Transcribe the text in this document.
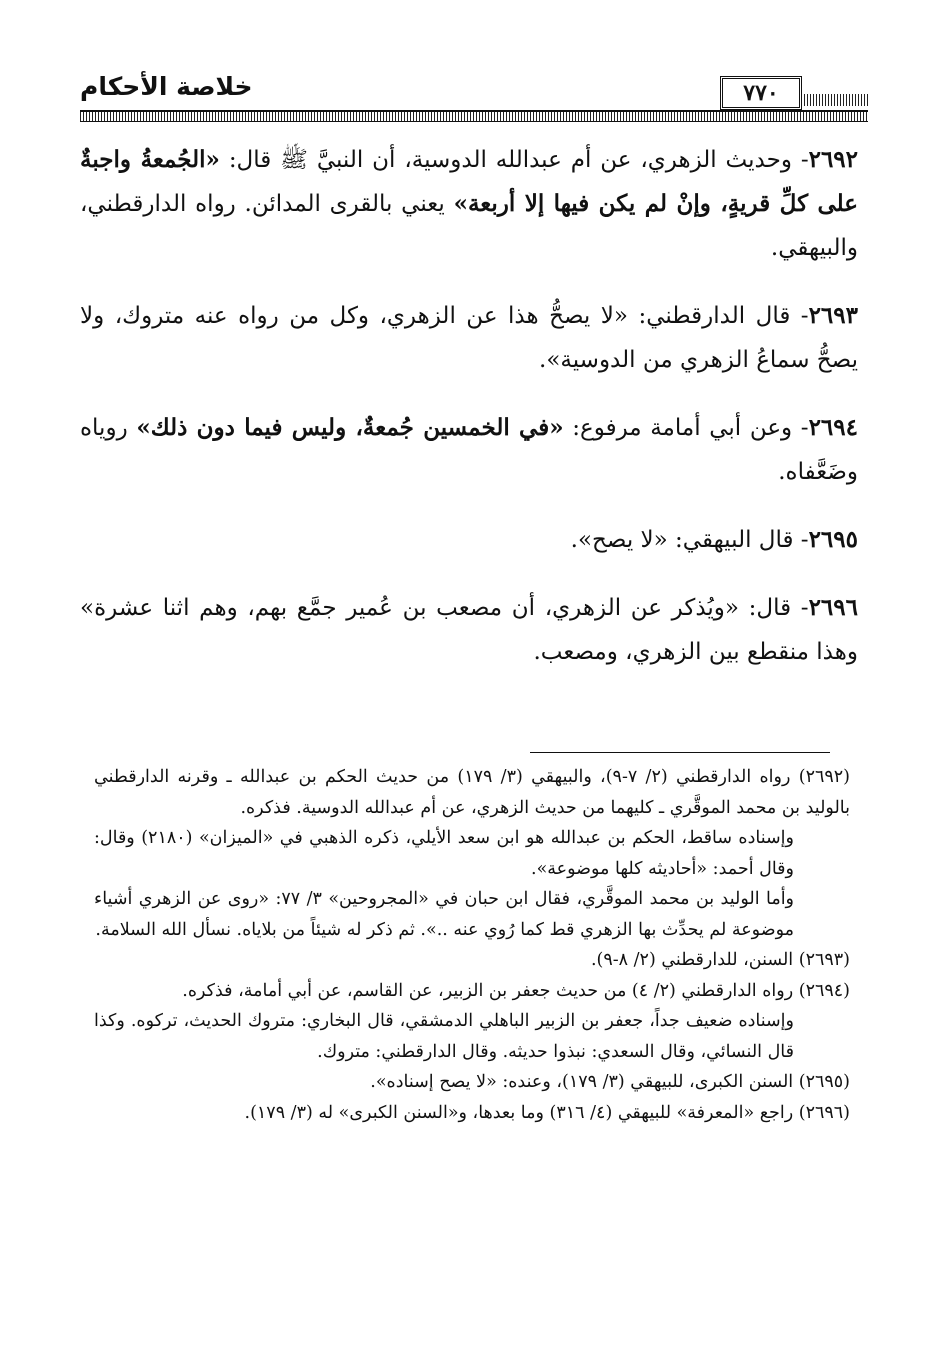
خلاصة الأحكام	٧٧٠

٢٦٩٢- وحديث الزهري، عن أم عبدالله الدوسية، أن النبيَّ ﷺ قال: «الجُمعةُ واجبةٌ على كلِّ قريةٍ، وإنْ لم يكن فيها إلا أربعة» يعني بالقرى المدائن. رواه الدارقطني، والبيهقي.

٢٦٩٣- قال الدارقطني: «لا يصحُّ هذا عن الزهري، وكل من رواه عنه متروك، ولا يصحُّ سماعُ الزهري من الدوسية».

٢٦٩٤- وعن أبي أمامة مرفوع: «في الخمسين جُمعةٌ، وليس فيما دون ذلك» روياه وضَعَّفاه.

٢٦٩٥- قال البيهقي: «لا يصح».

٢٦٩٦- قال: «ويُذكر عن الزهري، أن مصعب بن عُمير جمَّع بهم، وهم اثنا عشرة» وهذا منقطع بين الزهري، ومصعب.

(٢٦٩٢) رواه الدارقطني (٢/ ٧-٩)، والبيهقي (٣/ ١٧٩) من حديث الحكم بن عبدالله ـ وقرنه الدارقطني بالوليد بن محمد الموقَّري ـ كليهما من حديث الزهري، عن أم عبدالله الدوسية. فذكره.

وإسناده ساقط، الحكم بن عبدالله هو ابن سعد الأيلي، ذكره الذهبي في «الميزان» (٢١٨٠) وقال: وقال أحمد: «أحاديثه كلها موضوعة».

وأما الوليد بن محمد الموقَّري، فقال ابن حبان في «المجروحين» ٣/ ٧٧: «روى عن الزهري أشياء موضوعة لم يحدِّث بها الزهري قط كما رُوي عنه ..». ثم ذكر له شيئاً من بلاياه. نسأل الله السلامة.

(٢٦٩٣) السنن، للدارقطني (٢/ ٨-٩).

(٢٦٩٤) رواه الدارقطني (٢/ ٤) من حديث جعفر بن الزبير، عن القاسم، عن أبي أمامة، فذكره.

وإسناده ضعيف جداً، جعفر بن الزبير الباهلي الدمشقي، قال البخاري: متروك الحديث، تركوه. وكذا قال النسائي، وقال السعدي: نبذوا حديثه. وقال الدارقطني: متروك.

(٢٦٩٥) السنن الكبرى، للبيهقي (٣/ ١٧٩)، وعنده: «لا يصح إسناده».

(٢٦٩٦) راجع «المعرفة» للبيهقي (٤/ ٣١٦) وما بعدها، و«السنن الكبرى» له (٣/ ١٧٩).
